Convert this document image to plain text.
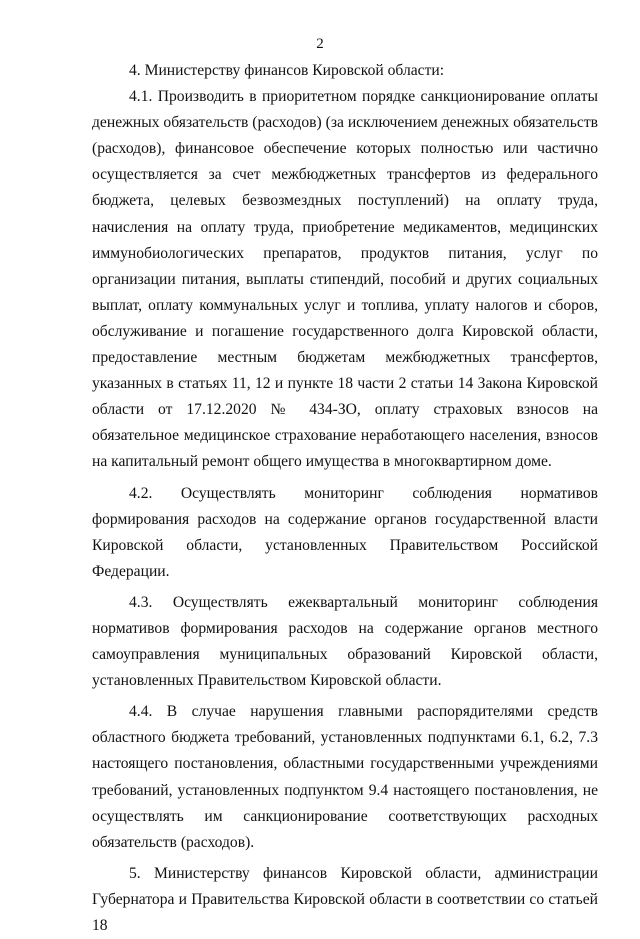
2

4. Министерству финансов Кировской области:

4.1. Производить в приоритетном порядке санкционирование оплаты денежных обязательств (расходов) (за исключением денежных обязательств (расходов), финансовое обеспечение которых полностью или частично осуществляется за счет межбюджетных трансфертов из федерального бюджета, целевых безвозмездных поступлений) на оплату труда, начисления на оплату труда, приобретение медикаментов, медицинских иммунобиологических препаратов, продуктов питания, услуг по организации питания, выплаты стипендий, пособий и других социальных выплат, оплату коммунальных услуг и топлива, уплату налогов и сборов, обслуживание и погашение государственного долга Кировской области, предоставление местным бюджетам межбюджетных трансфертов, указанных в статьях 11, 12 и пункте 18 части 2 статьи 14 Закона Кировской области от 17.12.2020 № 434-ЗО, оплату страховых взносов на обязательное медицинское страхование неработающего населения, взносов на капитальный ремонт общего имущества в многоквартирном доме.

4.2. Осуществлять мониторинг соблюдения нормативов формирования расходов на содержание органов государственной власти Кировской области, установленных Правительством Российской Федерации.

4.3. Осуществлять ежеквартальный мониторинг соблюдения нормативов формирования расходов на содержание органов местного самоуправления муниципальных образований Кировской области, установленных Правительством Кировской области.

4.4. В случае нарушения главными распорядителями средств областного бюджета требований, установленных подпунктами 6.1, 6.2, 7.3 настоящего постановления, областными государственными учреждениями требований, установленных подпунктом 9.4 настоящего постановления, не осуществлять им санкционирование соответствующих расходных обязательств (расходов).

5. Министерству финансов Кировской области, администрации Губернатора и Правительства Кировской области в соответствии со статьей 18
